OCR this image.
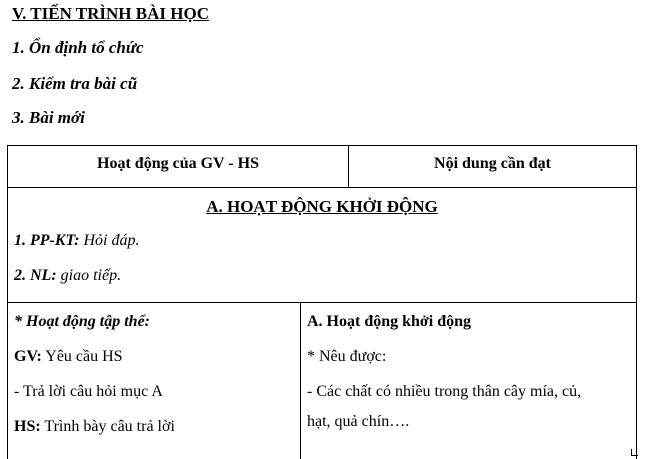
V. TIẾN TRÌNH BÀI HỌC
1. Ổn định tổ chức
2. Kiểm tra bài cũ
3. Bài mới
Hoạt động của GV - HS	Nội dung cần đạt
A. HOẠT ĐỘNG KHỞI ĐỘNG
1. PP-KT: Hỏi đáp.
2. NL: giao tiếp.
* Hoạt động tập thể:
GV: Yêu cầu HS
- Trả lời câu hỏi mục A
HS: Trình bày câu trả lời
A. Hoạt động khởi động
* Nêu được:
- Các chất có nhiều trong thân cây mía, củ,
hạt, quả chín….
